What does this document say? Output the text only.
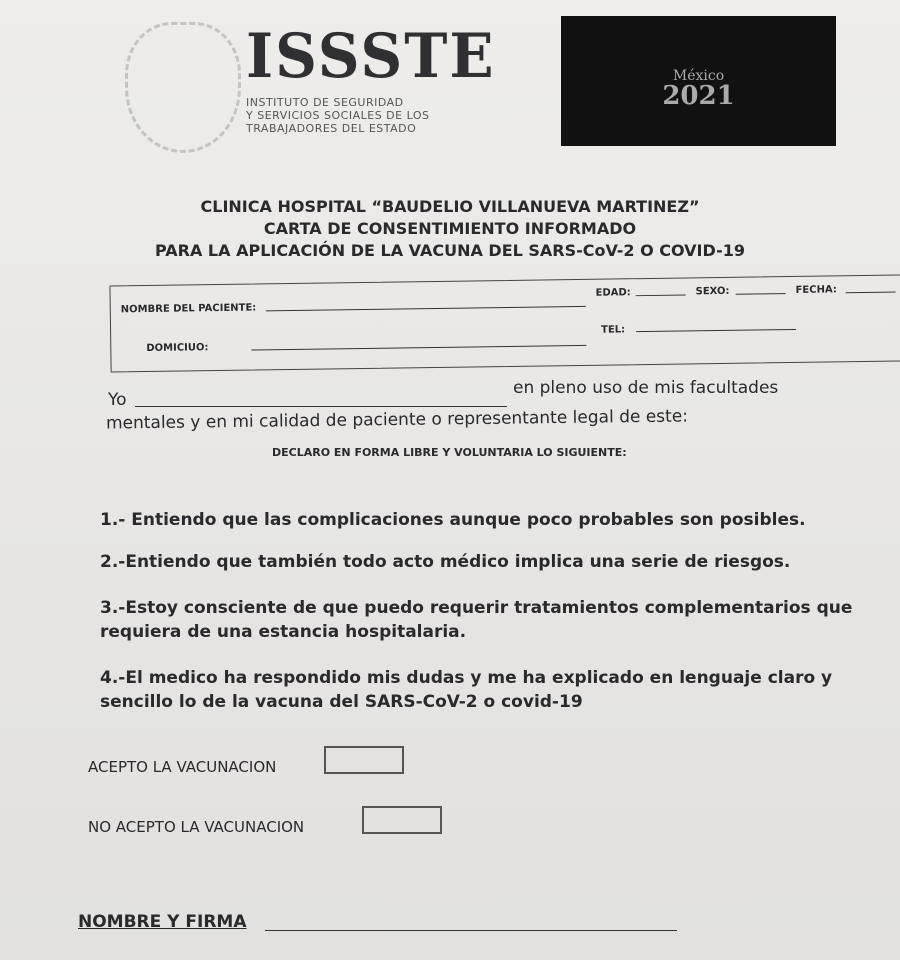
ISSSTE
INSTITUTO DE SEGURIDAD
Y SERVICIOS SOCIALES DE LOS
TRABAJADORES DEL ESTADO
México
2021
CLINICA HOSPITAL “BAUDELIO VILLANUEVA MARTINEZ”
CARTA DE CONSENTIMIENTO INFORMADO
PARA LA APLICACIÓN DE LA VACUNA DEL SARS-CoV-2 O COVID-19
NOMBRE DEL PACIENTE:
EDAD:	SEXO:	FECHA:
DOMICIUO:
TEL:
Yo
en pleno uso de mis facultades
mentales y en mi calidad de paciente o representante legal de este:
DECLARO EN FORMA LIBRE Y VOLUNTARIA LO SIGUIENTE:
1.- Entiendo que las complicaciones aunque poco probables son posibles.
2.-Entiendo que también todo acto médico implica una serie de riesgos.
3.-Estoy consciente de que puedo requerir tratamientos complementarios que requiera de una estancia hospitalaria.
4.-El medico ha respondido mis dudas y me ha explicado en lenguaje claro y sencillo lo de la vacuna del SARS-CoV-2 o covid-19
ACEPTO LA VACUNACION
NO ACEPTO LA VACUNACION
NOMBRE Y FIRMA
